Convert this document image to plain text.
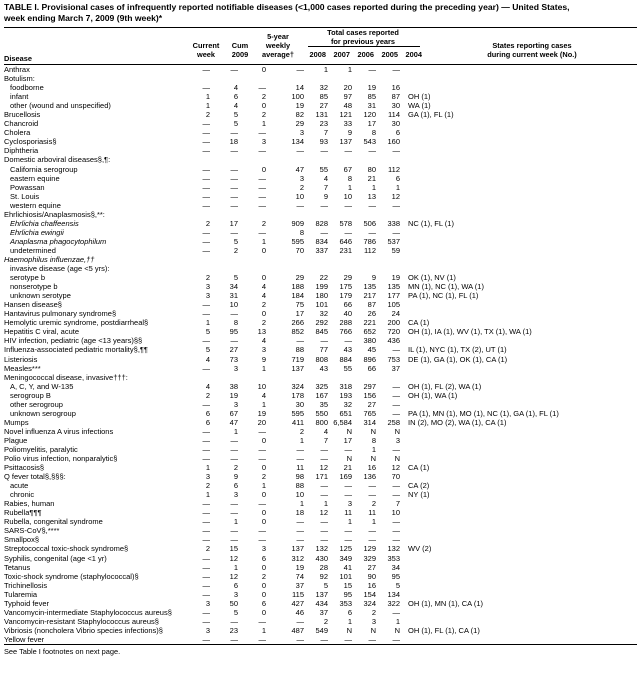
TABLE I. Provisional cases of infrequently reported notifiable diseases (<1,000 cases reported during the preceding year) — United States,
week ending March 7, 2009 (9th week)*
Disease
Current
week
Cum
2009
5-year
weekly
average†
Total cases reported
for previous years
2008	2007	2006	2005	2004
States reporting cases
during current week (No.)
Anthrax	—	—	0	—	1	1	—	—	
Botulism:									
foodborne	—	4	—	14	32	20	19	16	
infant	1	6	2	100	85	97	85	87	OH (1)
other (wound and unspecified)	1	4	0	19	27	48	31	30	WA (1)
Brucellosis	2	5	2	82	131	121	120	114	GA (1), FL (1)
Chancroid	—	5	1	29	23	33	17	30	
Cholera	—	—	—	3	7	9	8	6	
Cyclosporiasis§	—	18	3	134	93	137	543	160	
Diphtheria	—	—	—	—	—	—	—	—	
Domestic arboviral diseases§,¶:									
California serogroup	—	—	0	47	55	67	80	112	
eastern equine	—	—	—	3	4	8	21	6	
Powassan	—	—	—	2	7	1	1	1	
St. Louis	—	—	—	10	9	10	13	12	
western equine	—	—	—	—	—	—	—	—	
Ehrlichiosis/Anaplasmosis§,**:									
Ehrlichia chaffeensis	2	17	2	909	828	578	506	338	NC (1), FL (1)
Ehrlichia ewingii	—	—	—	8	—	—	—	—	
Anaplasma phagocytophilum	—	5	1	595	834	646	786	537	
undetermined	—	2	0	70	337	231	112	59	
Haemophilus influenzae,††									
invasive disease (age <5 yrs):									
serotype b	2	5	0	29	22	29	9	19	OK (1), NV (1)
nonserotype b	3	34	4	188	199	175	135	135	MN (1), NC (1), WA (1)
unknown serotype	3	31	4	184	180	179	217	177	PA (1), NC (1), FL (1)
Hansen disease§	—	10	2	75	101	66	87	105	
Hantavirus pulmonary syndrome§	—	—	0	17	32	40	26	24	
Hemolytic uremic syndrome, postdiarrheal§	1	8	2	266	292	288	221	200	CA (1)
Hepatitis C viral, acute	5	95	13	852	845	766	652	720	OH (1), IA (1), WV (1), TX (1), WA (1)
HIV infection, pediatric (age <13 years)§§	—	—	4	—	—	—	380	436	
Influenza-associated pediatric mortality§,¶¶	5	27	3	88	77	43	45	—	IL (1), NYC (1), TX (2), UT (1)
Listeriosis	4	73	9	719	808	884	896	753	DE (1), GA (1), OK (1), CA (1)
Measles***	—	3	1	137	43	55	66	37	
Meningococcal disease, invasive†††:									
A, C, Y, and W-135	4	38	10	324	325	318	297	—	OH (1), FL (2), WA (1)
serogroup B	2	19	4	178	167	193	156	—	OH (1), WA (1)
other serogroup	—	3	1	30	35	32	27	—	
unknown serogroup	6	67	19	595	550	651	765	—	PA (1), MN (1), MO (1), NC (1), GA (1), FL (1)
Mumps	6	47	20	411	800	6,584	314	258	IN (2), MO (2), WA (1), CA (1)
Novel influenza A virus infections	—	1	—	2	4	N	N	N	
Plague	—	—	0	1	7	17	8	3	
Poliomyelitis, paralytic	—	—	—	—	—	—	1	—	
Polio virus infection, nonparalytic§	—	—	—	—	—	N	N	N	
Psittacosis§	1	2	0	11	12	21	16	12	CA (1)
Q fever total§,§§§:	3	9	2	98	171	169	136	70	
acute	2	6	1	88	—	—	—	—	CA (2)
chronic	1	3	0	10	—	—	—	—	NY (1)
Rabies, human	—	—	—	1	1	3	2	7	
Rubella¶¶¶	—	—	0	18	12	11	11	10	
Rubella, congenital syndrome	—	1	0	—	—	1	1	—	
SARS-CoV§,****	—	—	—	—	—	—	—	—	
Smallpox§	—	—	—	—	—	—	—	—	
Streptococcal toxic-shock syndrome§	2	15	3	137	132	125	129	132	WV (2)
Syphilis, congenital (age <1 yr)	—	12	6	312	430	349	329	353	
Tetanus	—	1	0	19	28	41	27	34	
Toxic-shock syndrome (staphylococcal)§	—	12	2	74	92	101	90	95	
Trichinellosis	—	6	0	37	5	15	16	5	
Tularemia	—	3	0	115	137	95	154	134	
Typhoid fever	3	50	6	427	434	353	324	322	OH (1), MN (1), CA (1)
Vancomycin-intermediate Staphylococcus aureus§	—	5	0	46	37	6	2	—	
Vancomycin-resistant Staphylococcus aureus§	—	—	—	—	2	1	3	1	
Vibriosis (noncholera Vibrio species infections)§	3	23	1	487	549	N	N	N	OH (1), FL (1), CA (1)
Yellow fever	—	—	—	—	—	—	—	—	
See Table I footnotes on next page.
